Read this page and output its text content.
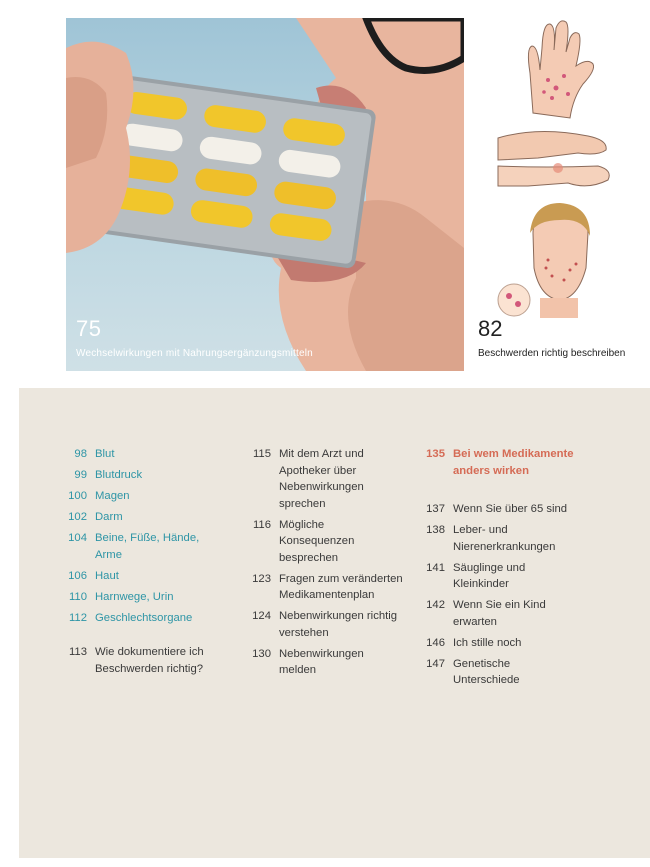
75
Wechselwirkungen mit Nahrungsergänzungsmitteln
82
Beschwerden richtig beschreiben
98 Blut
99 Blutdruck
100 Magen
102 Darm
104 Beine, Füße, Hände, Arme
106 Haut
110 Harnwege, Urin
112 Geschlechtsorgane
113 Wie dokumentiere ich Beschwerden richtig?
115 Mit dem Arzt und Apotheker über Nebenwirkungen sprechen
116 Mögliche Konsequenzen besprechen
123 Fragen zum veränderten Medikamentenplan
124 Nebenwirkungen richtig verstehen
130 Nebenwirkungen melden
135 Bei wem Medikamente anders wirken
137 Wenn Sie über 65 sind
138 Leber- und Nierenerkrankungen
141 Säuglinge und Kleinkinder
142 Wenn Sie ein Kind erwarten
146 Ich stille noch
147 Genetische Unterschiede
